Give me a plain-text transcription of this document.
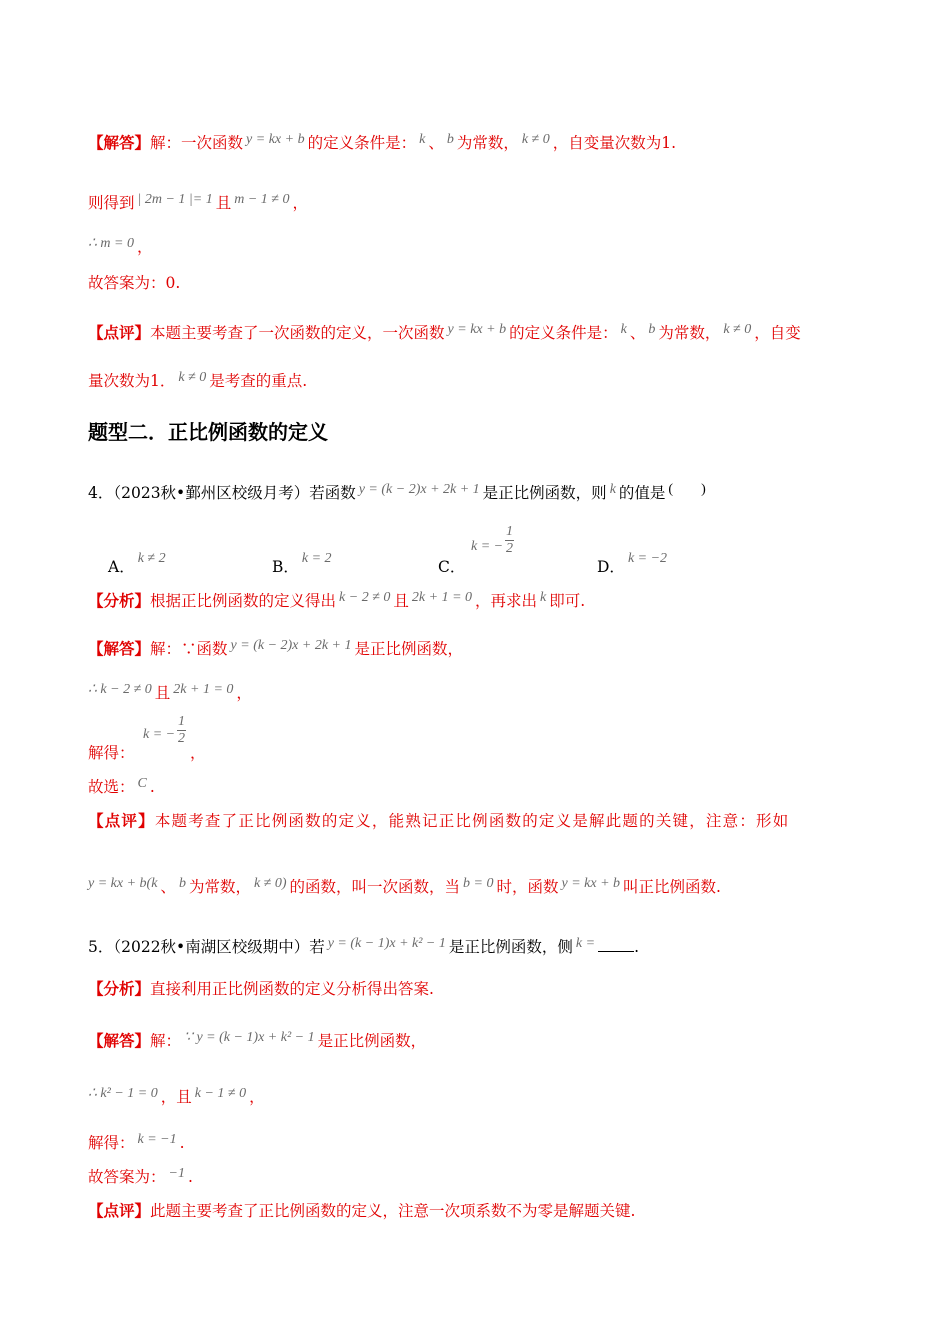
【解答】解：一次函数 y = kx + b 的定义条件是： k 、 b 为常数， k ≠ 0 ，自变量次数为1.
则得到 | 2m − 1 |= 1 且 m − 1 ≠ 0 ，
∴ m = 0 ，
故答案为：0.
【点评】本题主要考查了一次函数的定义，一次函数 y = kx + b 的定义条件是： k 、 b 为常数， k ≠ 0 ，自变
量次数为1． k ≠ 0 是考查的重点.
题型二．正比例函数的定义
4．（2023秋•鄞州区校级月考）若函数 y = (k − 2)x + 2k + 1 是正比例函数，则 k 的值是 (　　)
A． k ≠ 2	B． k = 2	C．
k = − $\frac{1}{2}$
D． k = −2
【分析】根据正比例函数的定义得出 k − 2 ≠ 0 且 2k + 1 = 0 ，再求出 k 即可.
【解答】解：∵函数 y = (k − 2)x + 2k + 1 是正比例函数，
∴ k − 2 ≠ 0 且 2k + 1 = 0 ，
解得：
k = − $\frac{1}{2}$
，
故选： C .
【点评】本题考查了正比例函数的定义，能熟记正比例函数的定义是解此题的关键，注意：形如
y = kx + b(k 、 b 为常数， k ≠ 0) 的函数，叫一次函数，当 b = 0 时，函数 y = kx + b 叫正比例函数.
5．（2022秋•南湖区校级期中）若 y = (k − 1)x + k² − 1 是正比例函数，侧 k =	.
【分析】直接利用正比例函数的定义分析得出答案.
【解答】解： ∵ y = (k − 1)x + k² − 1 是正比例函数，
∴ k² − 1 = 0 ，且 k − 1 ≠ 0 ，
解得： k = −1 .
故答案为： −1 .
【点评】此题主要考查了正比例函数的定义，注意一次项系数不为零是解题关键.
